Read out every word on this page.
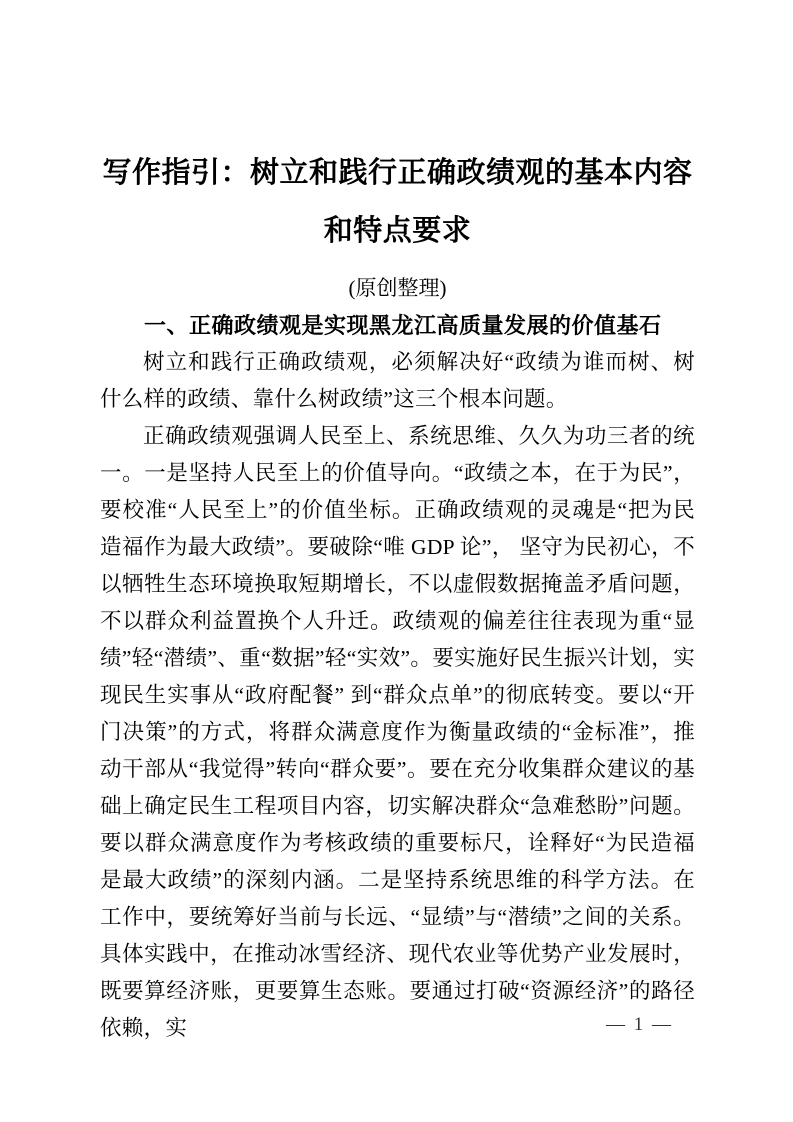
写作指引：树立和践行正确政绩观的基本内容和特点要求

(原创整理)

一、正确政绩观是实现黑龙江高质量发展的价值基石

树立和践行正确政绩观，必须解决好“政绩为谁而树、树什么样的政绩、靠什么树政绩”这三个根本问题。

正确政绩观强调人民至上、系统思维、久久为功三者的统一。一是坚持人民至上的价值导向。“政绩之本，在于为民”，要校准“人民至上”的价值坐标。正确政绩观的灵魂是“把为民造福作为最大政绩”。要破除“唯 GDP 论”， 坚守为民初心，不以牺牲生态环境换取短期增长，不以虚假数据掩盖矛盾问题， 不以群众利益置换个人升迁。政绩观的偏差往往表现为重“显绩”轻“潜绩”、重“数据”轻“实效”。要实施好民生振兴计划，实现民生实事从“政府配餐” 到“群众点单”的彻底转变。要以“开门决策”的方式，将群众满意度作为衡量政绩的“金标准”，推动干部从“我觉得”转向“群众要”。要在充分收集群众建议的基础上确定民生工程项目内容，切实解决群众“急难愁盼”问题。要以群众满意度作为考核政绩的重要标尺，诠释好“为民造福是最大政绩”的深刻内涵。二是坚持系统思维的科学方法。在工作中，要统筹好当前与长远、“显绩”与“潜绩”之间的关系。具体实践中，在推动冰雪经济、现代农业等优势产业发展时，既要算经济账，更要算生态账。要通过打破“资源经济”的路径依赖，实	— 1 —
